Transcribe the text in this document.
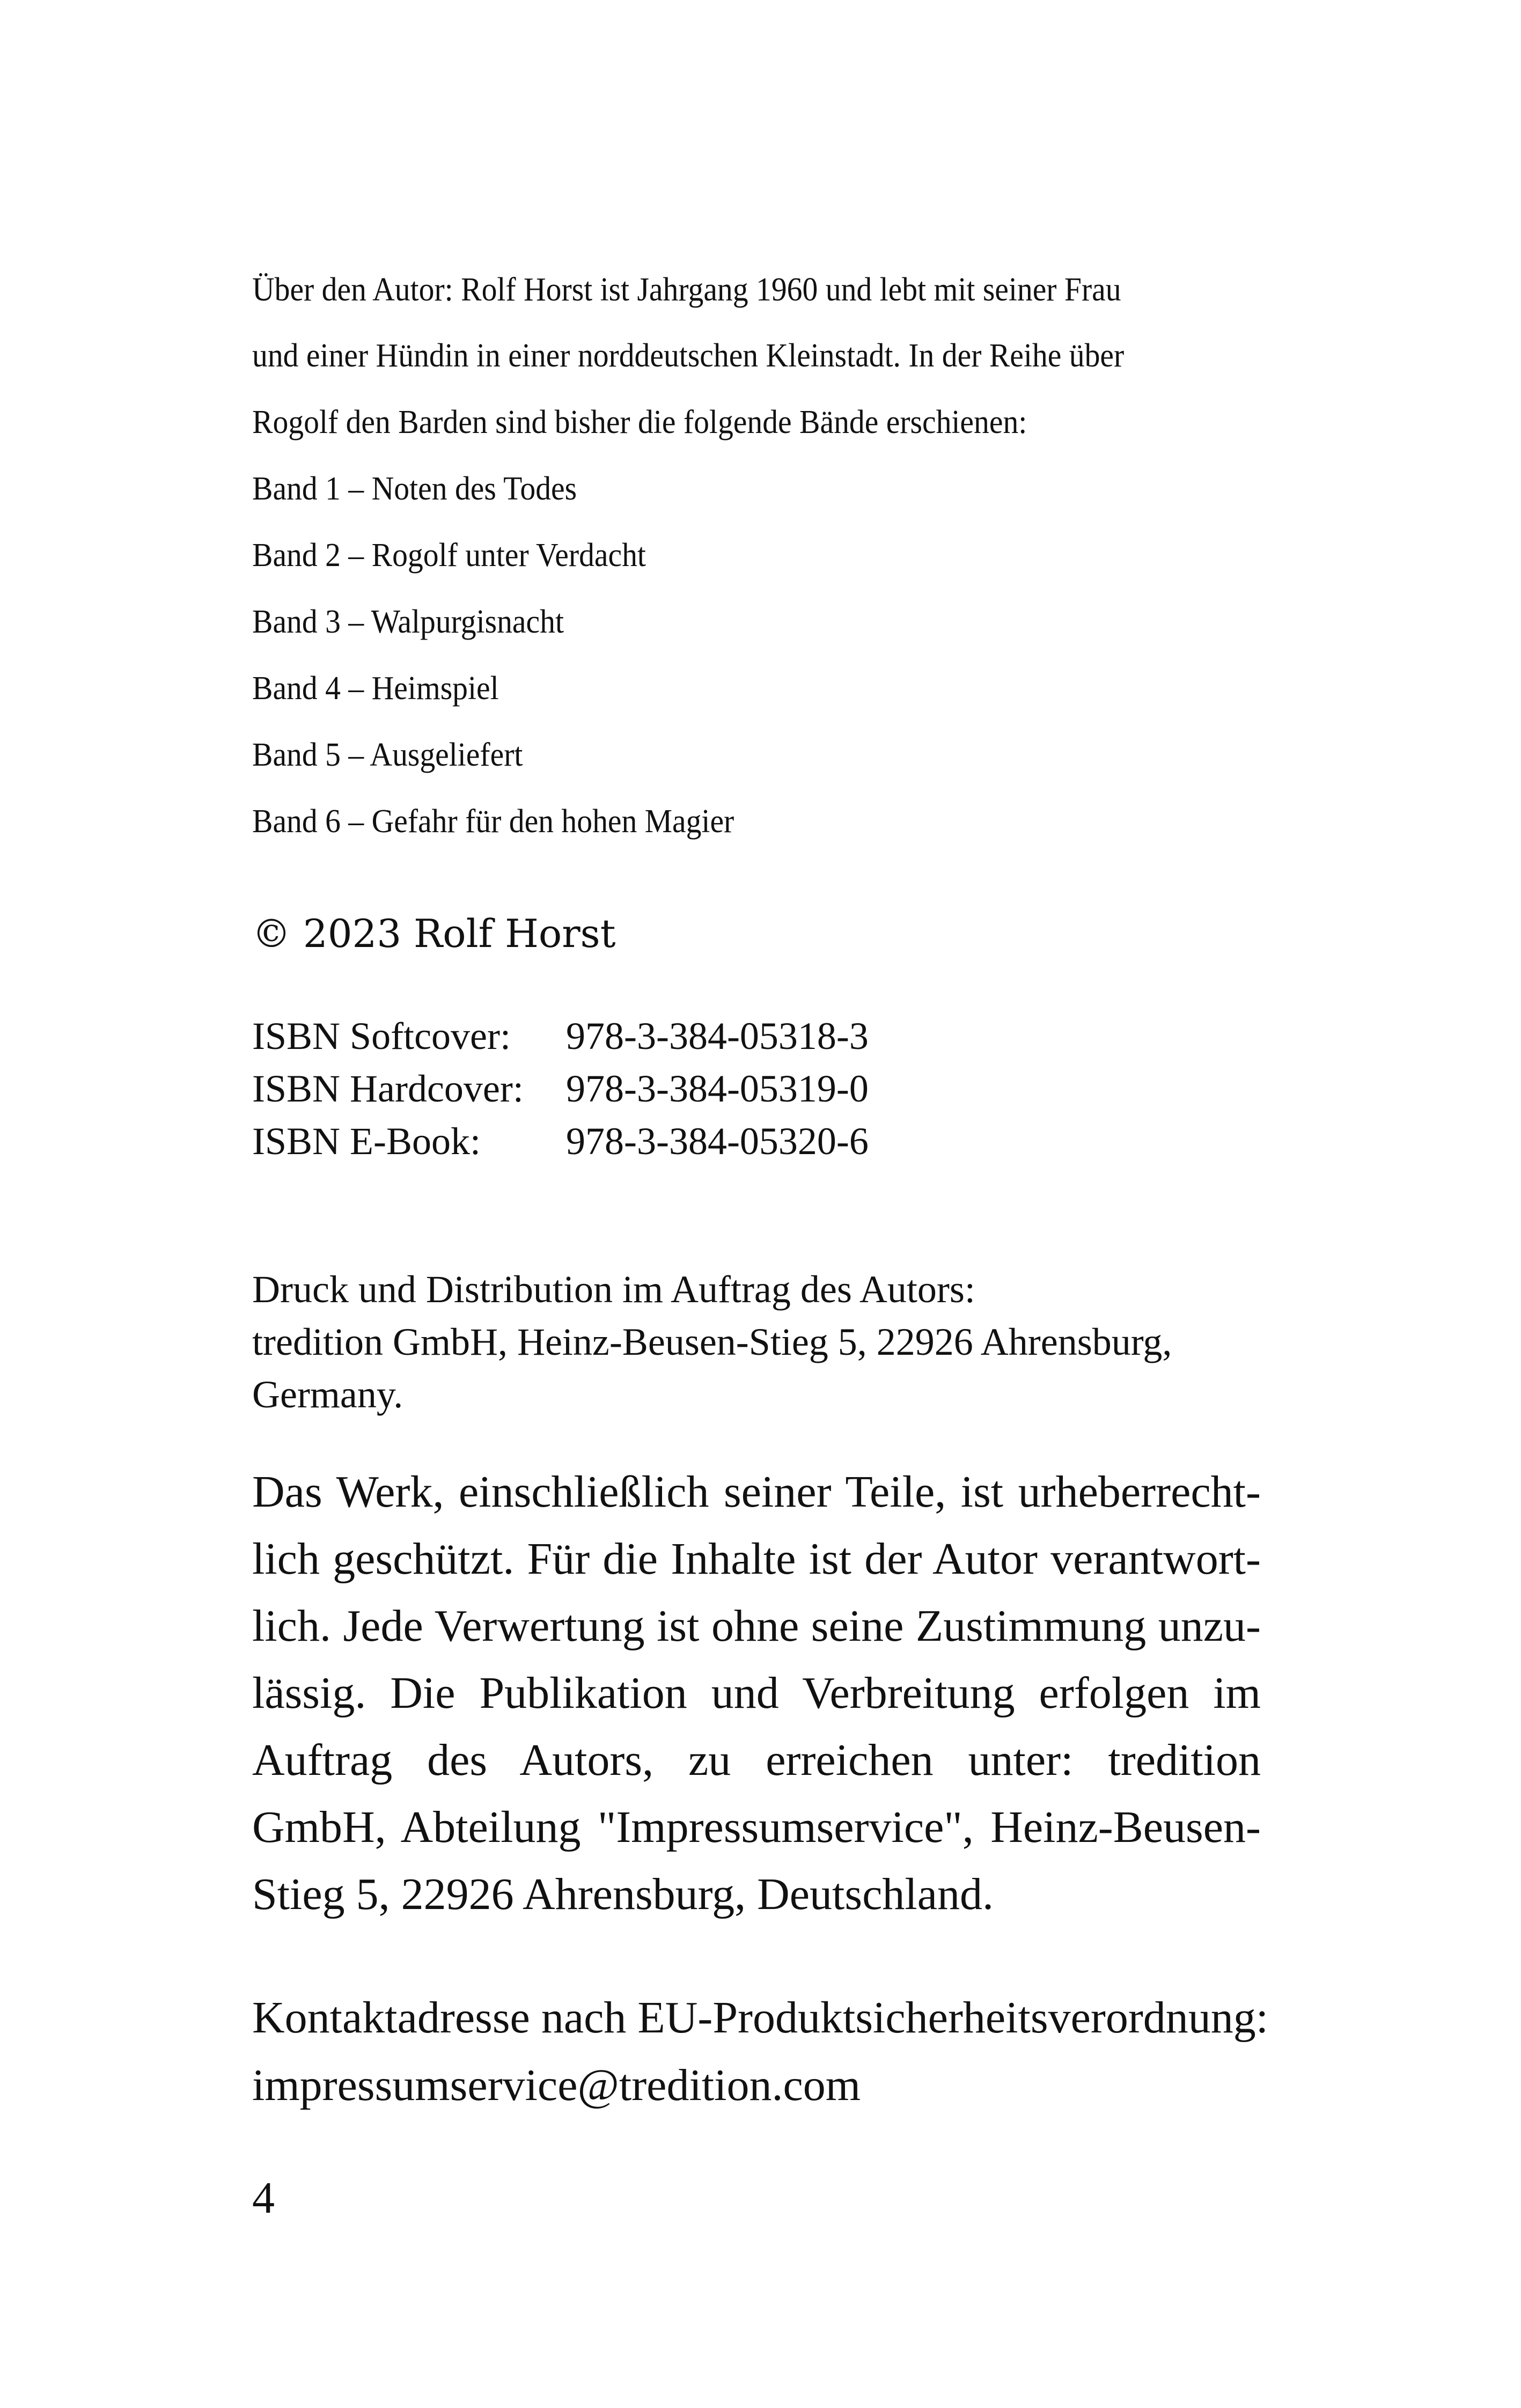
Über den Autor: Rolf Horst ist Jahrgang 1960 und lebt mit seiner Frau
und einer Hündin in einer norddeutschen Kleinstadt. In der Reihe über
Rogolf den Barden sind bisher die folgende Bände erschienen:
Band 1 – Noten des Todes
Band 2 – Rogolf unter Verdacht
Band 3 – Walpurgisnacht
Band 4 – Heimspiel
Band 5 – Ausgeliefert
Band 6 – Gefahr für den hohen Magier
© 2023 Rolf Horst
ISBN Softcover: 978-3-384-05318-3
ISBN Hardcover: 978-3-384-05319-0
ISBN E-Book: 978-3-384-05320-6
Druck und Distribution im Auftrag des Autors:
tredition GmbH, Heinz-Beusen-Stieg 5, 22926 Ahrensburg,
Germany.
Das Werk, einschließlich seiner Teile, ist urheberrechtlich geschützt. Für die Inhalte ist der Autor verantwortlich. Jede Verwertung ist ohne seine Zustimmung unzulässig. Die Publikation und Verbreitung erfolgen im Auftrag des Autors, zu erreichen unter: tredition GmbH, Abteilung "Impressumservice", Heinz-Beusen-Stieg 5, 22926 Ahrensburg, Deutschland.
Kontaktadresse nach EU-Produktsicherheitsverordnung:
impressumservice@tredition.com
4
